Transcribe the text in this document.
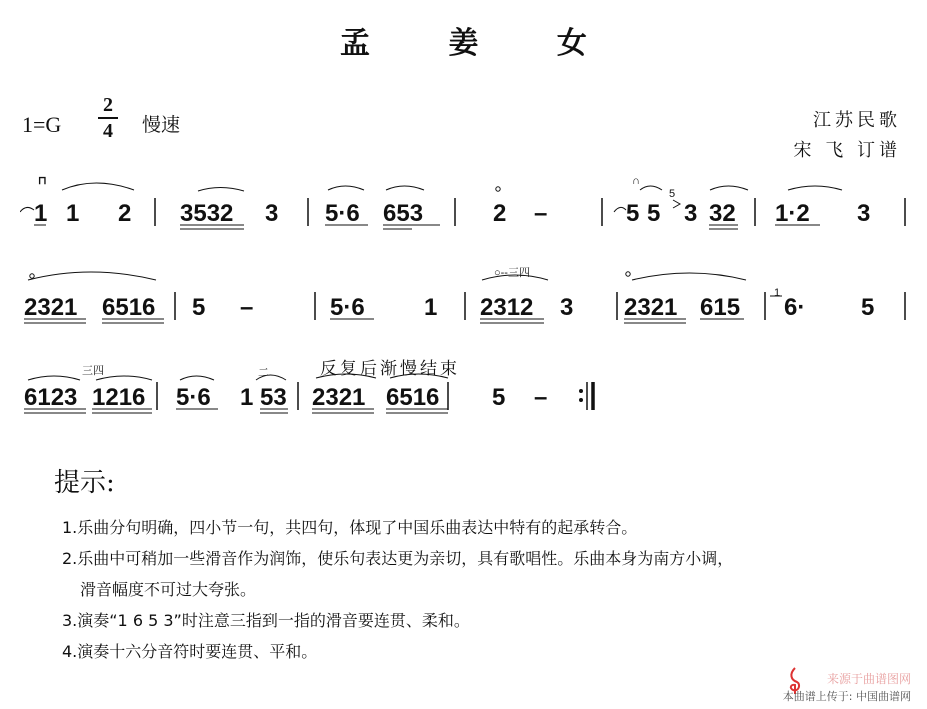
孟 姜 女
1=G
2
4 慢速	江苏民歌
宋 飞 订谱
1 1 2 3532 3 5·6 653	2 –	5 5 3 32 1·2 3
⊓	∩
5
2321 6516 5 –	5·6 1 2312 3 2321 615 6· 5
1
○--三四
6123 1216 5·6 1 53 2321 6516 5 –
三四	二	反复后渐慢结束
提示:
1.乐曲分句明确，四小节一句，共四句，体现了中国乐曲表达中特有的起承转合。
2.乐曲中可稍加一些滑音作为润饰，使乐句表达更为亲切，具有歌唱性。乐曲本身为南方小调，
滑音幅度不可过大夸张。
3.演奏“1 6 5 3”时注意三指到一指的滑音要连贯、柔和。
4.演奏十六分音符时要连贯、平和。
来源于曲谱图网
本曲谱上传于: 中国曲谱网
